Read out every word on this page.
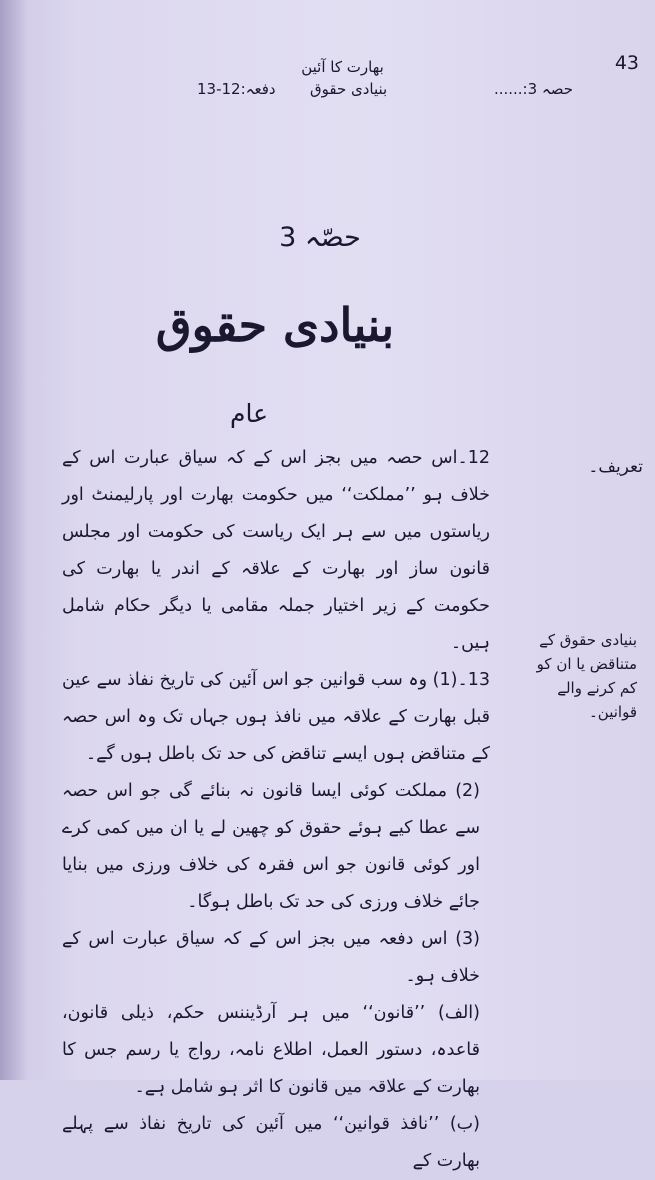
43
بھارت کا آئین
حصہ 3:......
بنیادی حقوق
دفعہ:12-13
حصّہ 3
بنیادی حقوق
عام
تعریف۔
بنیادی حقوق کے متناقض یا ان کو کم کرنے والے قوانین۔

12۔اس حصہ میں بجز اس کے کہ سیاق عبارت اس کے خلاف ہو ’’مملکت‘‘ میں حکومت بھارت اور پارلیمنٹ اور ریاستوں میں سے ہر ایک ریاست کی حکومت اور مجلس قانون ساز اور بھارت کے علاقہ کے اندر یا بھارت کی حکومت کے زیر اختیار جملہ مقامی یا دیگر حکام شامل ہیں۔

13۔(1) وہ سب قوانین جو اس آئین کی تاریخ نفاذ سے عین قبل بھارت کے علاقہ میں نافذ ہوں جہاں تک وہ اس حصہ کے متناقض ہوں ایسے تناقض کی حد تک باطل ہوں گے۔

(2) مملکت کوئی ایسا قانون نہ بنائے گی جو اس حصہ سے عطا کیے ہوئے حقوق کو چھین لے یا ان میں کمی کرے اور کوئی قانون جو اس فقرہ کی خلاف ورزی میں بنایا جائے خلاف ورزی کی حد تک باطل ہوگا۔

(3) اس دفعہ میں بجز اس کے کہ سیاق عبارت اس کے خلاف ہو۔

(الف) ’’قانون‘‘ میں ہر آرڈیننس حکم، ذیلی قانون، قاعدہ، دستور العمل، اطلاع نامہ، رواج یا رسم جس کا بھارت کے علاقہ میں قانون کا اثر ہو شامل ہے۔

(ب) ’’نافذ قوانین‘‘ میں آئین کی تاریخ نفاذ سے پہلے بھارت کے
